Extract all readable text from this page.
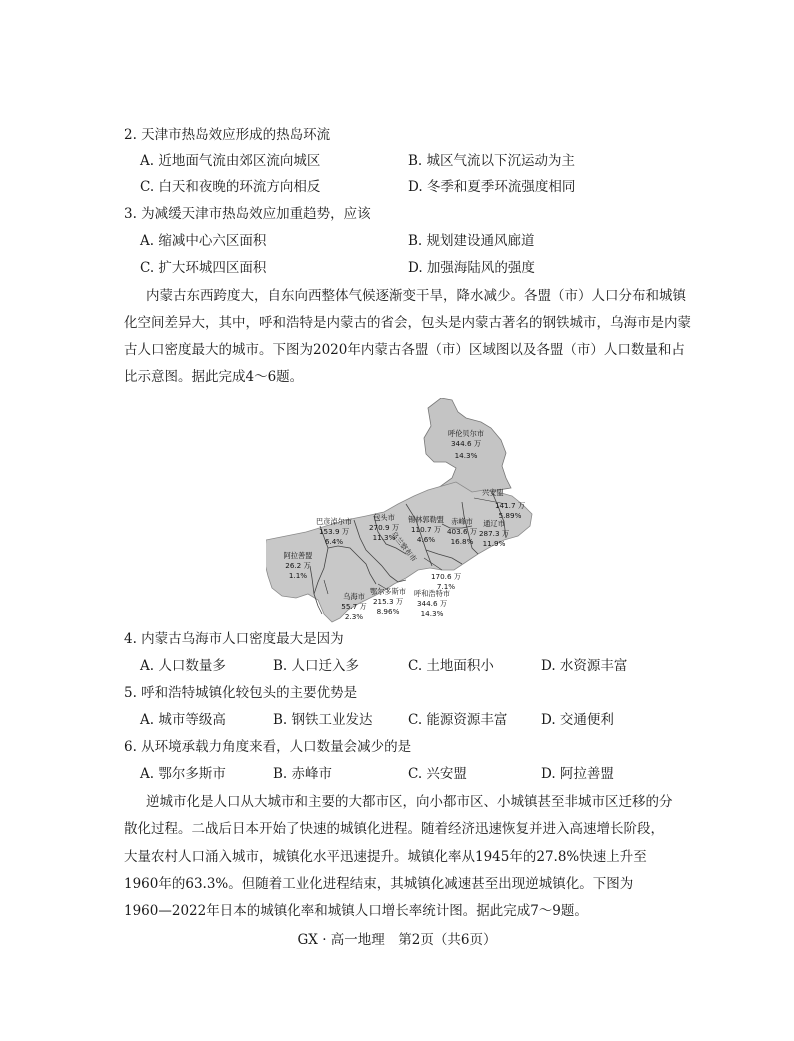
2. 天津市热岛效应形成的热岛环流
A. 近地面气流由郊区流向城区	B. 城区气流以下沉运动为主
C. 白天和夜晚的环流方向相反	D. 冬季和夏季环流强度相同
3. 为减缓天津市热岛效应加重趋势，应该
A. 缩减中心六区面积	B. 规划建设通风廊道
C. 扩大环城四区面积	D. 加强海陆风的强度
内蒙古东西跨度大，自东向西整体气候逐渐变干旱，降水减少。各盟（市）人口分布和城镇
化空间差异大，其中，呼和浩特是内蒙古的省会，包头是内蒙古著名的钢铁城市，乌海市是内蒙
古人口密度最大的城市。下图为2020年内蒙古各盟（市）区域图以及各盟（市）人口数量和占
比示意图。据此完成4～6题。
呼伦贝尔市
344.6 万
14.3%
兴安盟
141.7 万
5.89%
通辽市
287.3 万
11.9%
赤峰市
403.6 万
16.8%
锡林郭勒盟
110.7 万
4.6%
170.6 万
7.1%
呼和浩特市
344.6 万
14.3%
包头市
270.9 万
11.3%
巴彦淖尔市
153.9 万
6.4%
阿拉善盟
26.2 万
1.1%
鄂尔多斯市
215.3 万
8.96%
乌海市
55.7 万
2.3%
乌兰察布市
4. 内蒙古乌海市人口密度最大是因为
A. 人口数量多	B. 人口迁入多	C. 土地面积小	D. 水资源丰富
5. 呼和浩特城镇化较包头的主要优势是
A. 城市等级高	B. 钢铁工业发达	C. 能源资源丰富 D. 交通便利
6. 从环境承载力角度来看，人口数量会减少的是
A. 鄂尔多斯市	B. 赤峰市	C. 兴安盟	D. 阿拉善盟
逆城市化是人口从大城市和主要的大都市区，向小都市区、小城镇甚至非城市区迁移的分
散化过程。二战后日本开始了快速的城镇化进程。随着经济迅速恢复并进入高速增长阶段，
大量农村人口涌入城市，城镇化水平迅速提升。城镇化率从1945年的27.8%快速上升至
1960年的63.3%。但随着工业化进程结束，其城镇化减速甚至出现逆城镇化。下图为
1960—2022年日本的城镇化率和城镇人口增长率统计图。据此完成7～9题。
GX · 高一地理　第2页（共6页）
